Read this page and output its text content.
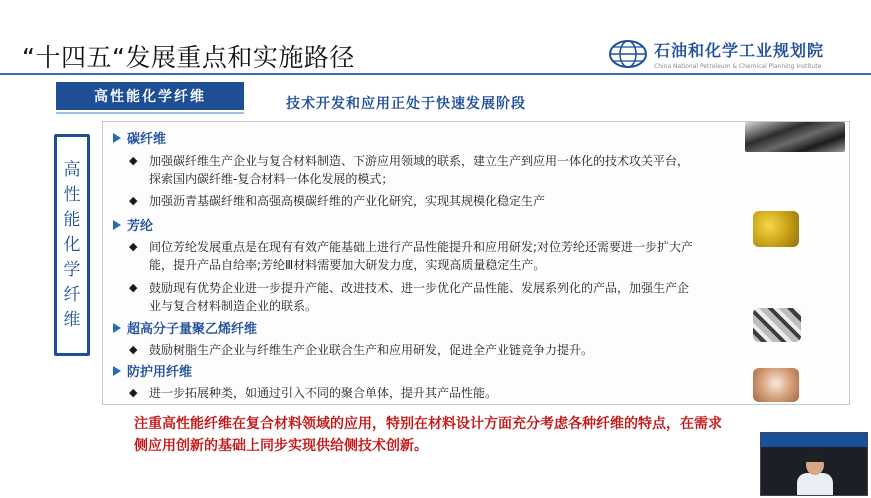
“十四五“发展重点和实施路径	石油和化学工业规划院
China National Petroleum & Chemical Planning Institute
高性能化学纤维	技术开发和应用正处于快速发展阶段
高
性
能
化
学
纤
维
碳纤维
◆ 加强碳纤维生产企业与复合材料制造、下游应用领域的联系，建立生产到应用一体化的技术攻关平台，
探索国内碳纤维-复合材料一体化发展的模式；
◆ 加强沥青基碳纤维和高强高模碳纤维的产业化研究，实现其规模化稳定生产
芳纶
◆ 间位芳纶发展重点是在现有有效产能基础上进行产品性能提升和应用研发;对位芳纶还需要进一步扩大产
能，提升产品自给率;芳纶Ⅲ材料需要加大研发力度，实现高质量稳定生产。
◆ 鼓励现有优势企业进一步提升产能、改进技术、进一步优化产品性能、发展系列化的产品，加强生产企
业与复合材料制造企业的联系。
超高分子量聚乙烯纤维
◆ 鼓励树脂生产企业与纤维生产企业联合生产和应用研发，促进全产业链竞争力提升。
防护用纤维
◆ 进一步拓展种类，如通过引入不同的聚合单体，提升其产品性能。
注重高性能纤维在复合材料领域的应用，特别在材料设计方面充分考虑各种纤维的特点，在需求
侧应用创新的基础上同步实现供给侧技术创新。
